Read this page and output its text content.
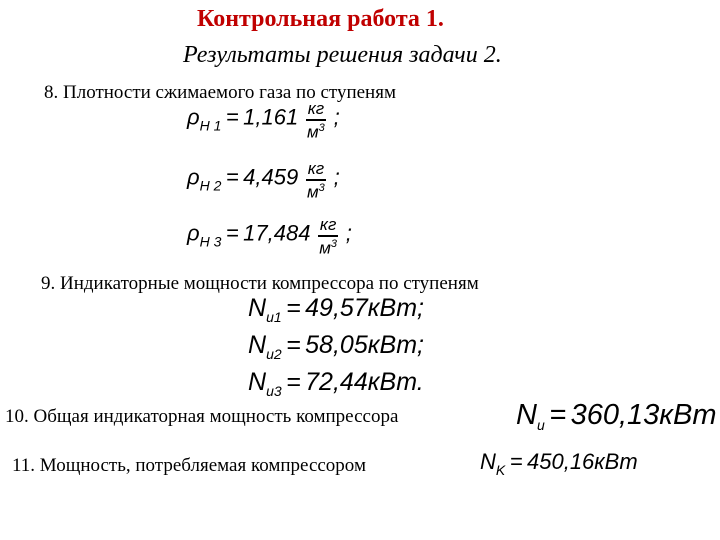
Контрольная работа 1.
Результаты решения задачи 2.
8. Плотности сжимаемого газа по ступеням
$\rho_{Н 1} = 1,161 \frac{кг}{м^3}$ ;
$\rho_{Н 2} = 4,459 \frac{кг}{м^3}$ ;
$\rho_{Н 3} = 17,484 \frac{кг}{м^3}$ ;
9. Индикаторные мощности компрессора по ступеням
$N_{и1} = 49,57кВт$;
$N_{и2} = 58,05кВт$;
$N_{и3} = 72,44кВт$.
10. Общая индикаторная мощность компрессора	$N_и = 360,13кВт$
11. Мощность, потребляемая компрессором	$N_K = 450,16кВт$
